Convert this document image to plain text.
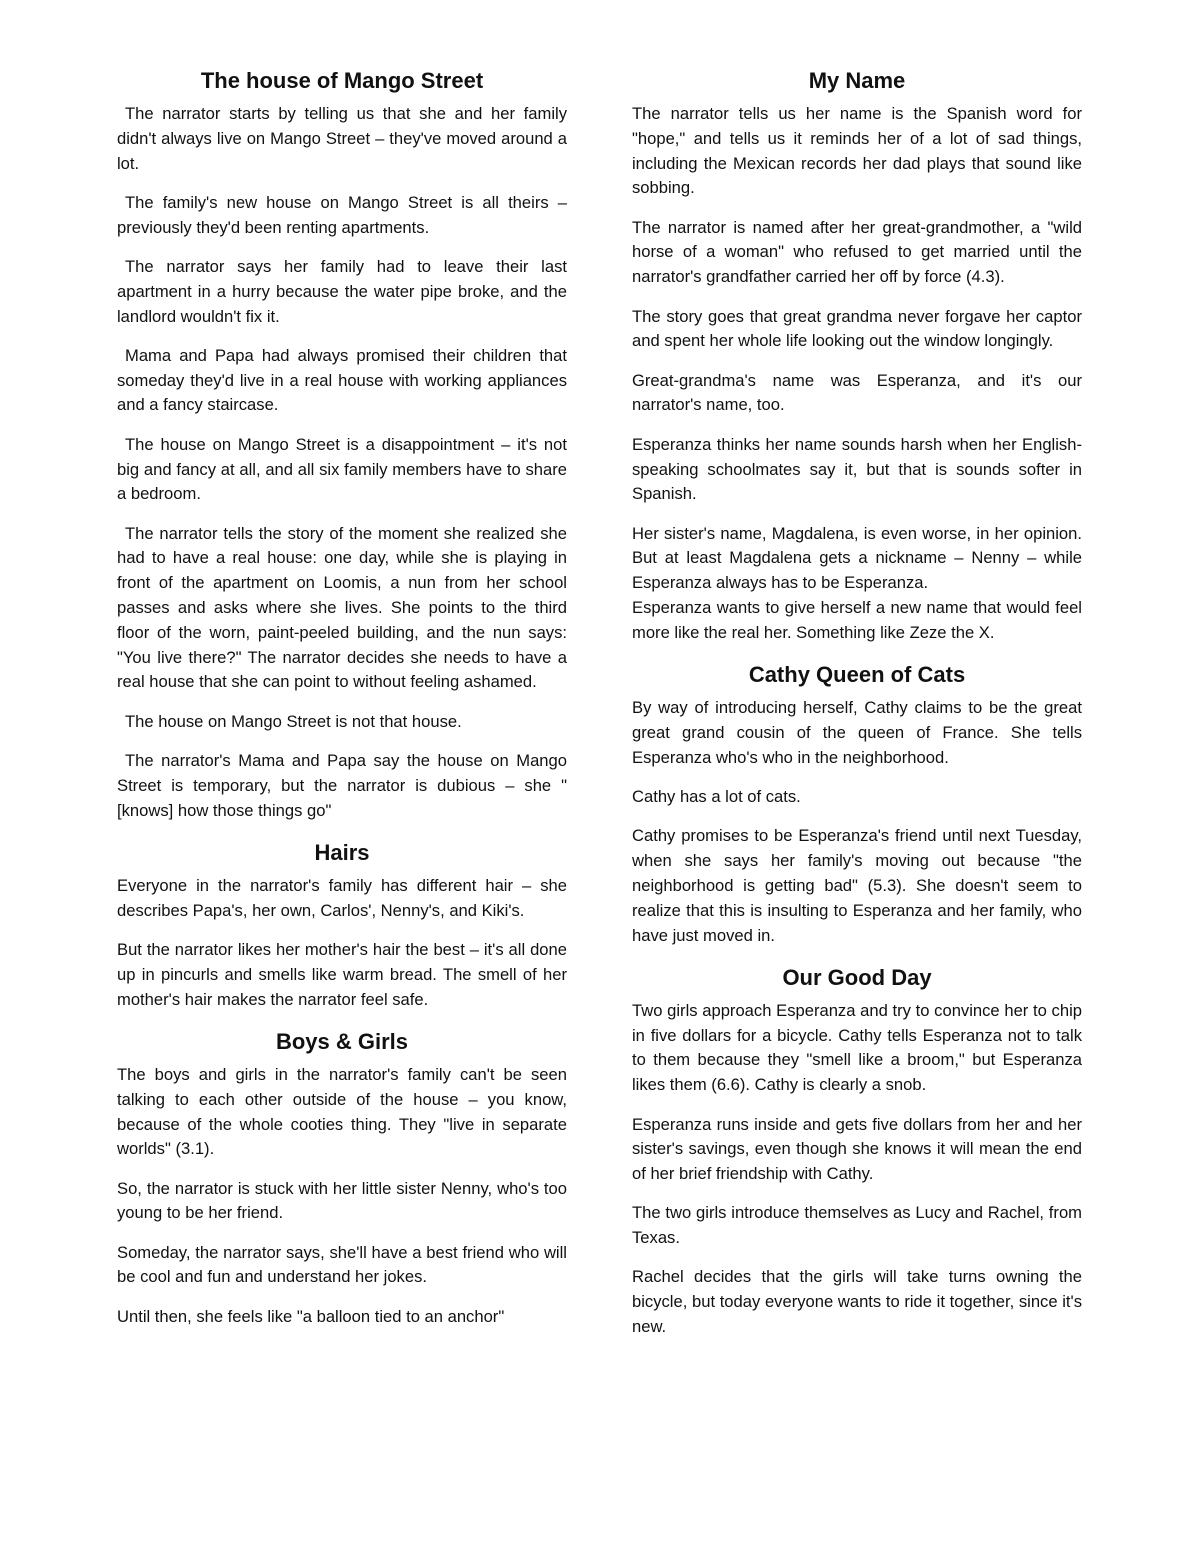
The house of Mango Street

The narrator starts by telling us that she and her family didn't always live on Mango Street – they've moved around a lot.

The family's new house on Mango Street is all theirs – previously they'd been renting apartments.

The narrator says her family had to leave their last apartment in a hurry because the water pipe broke, and the landlord wouldn't fix it.

Mama and Papa had always promised their children that someday they'd live in a real house with working appliances and a fancy staircase.

The house on Mango Street is a disappointment – it's not big and fancy at all, and all six family members have to share a bedroom.

The narrator tells the story of the moment she realized she had to have a real house: one day, while she is playing in front of the apartment on Loomis, a nun from her school passes and asks where she lives. She points to the third floor of the worn, paint-peeled building, and the nun says: "You live there?" The narrator decides she needs to have a real house that she can point to without feeling ashamed.

The house on Mango Street is not that house.

The narrator's Mama and Papa say the house on Mango Street is temporary, but the narrator is dubious – she "[knows] how those things go"

Hairs

Everyone in the narrator's family has different hair – she describes Papa's, her own, Carlos', Nenny's, and Kiki's.

But the narrator likes her mother's hair the best – it's all done up in pincurls and smells like warm bread. The smell of her mother's hair makes the narrator feel safe.

Boys & Girls

The boys and girls in the narrator's family can't be seen talking to each other outside of the house – you know, because of the whole cooties thing. They "live in separate worlds" (3.1).

So, the narrator is stuck with her little sister Nenny, who's too young to be her friend.

Someday, the narrator says, she'll have a best friend who will be cool and fun and understand her jokes.

Until then, she feels like "a balloon tied to an anchor"

My Name

The narrator tells us her name is the Spanish word for "hope," and tells us it reminds her of a lot of sad things, including the Mexican records her dad plays that sound like sobbing.

The narrator is named after her great-grandmother, a "wild horse of a woman" who refused to get married until the narrator's grandfather carried her off by force (4.3).

The story goes that great grandma never forgave her captor and spent her whole life looking out the window longingly.

Great-grandma's name was Esperanza, and it's our narrator's name, too.

Esperanza thinks her name sounds harsh when her English-speaking schoolmates say it, but that is sounds softer in Spanish.

Her sister's name, Magdalena, is even worse, in her opinion. But at least Magdalena gets a nickname – Nenny – while Esperanza always has to be Esperanza.

Esperanza wants to give herself a new name that would feel more like the real her. Something like Zeze the X.

Cathy Queen of Cats

By way of introducing herself, Cathy claims to be the great great grand cousin of the queen of France. She tells Esperanza who's who in the neighborhood.

Cathy has a lot of cats.

Cathy promises to be Esperanza's friend until next Tuesday, when she says her family's moving out because "the neighborhood is getting bad" (5.3). She doesn't seem to realize that this is insulting to Esperanza and her family, who have just moved in.

Our Good Day

Two girls approach Esperanza and try to convince her to chip in five dollars for a bicycle. Cathy tells Esperanza not to talk to them because they "smell like a broom," but Esperanza likes them (6.6). Cathy is clearly a snob.

Esperanza runs inside and gets five dollars from her and her sister's savings, even though she knows it will mean the end of her brief friendship with Cathy.

The two girls introduce themselves as Lucy and Rachel, from Texas.

Rachel decides that the girls will take turns owning the bicycle, but today everyone wants to ride it together, since it's new.
